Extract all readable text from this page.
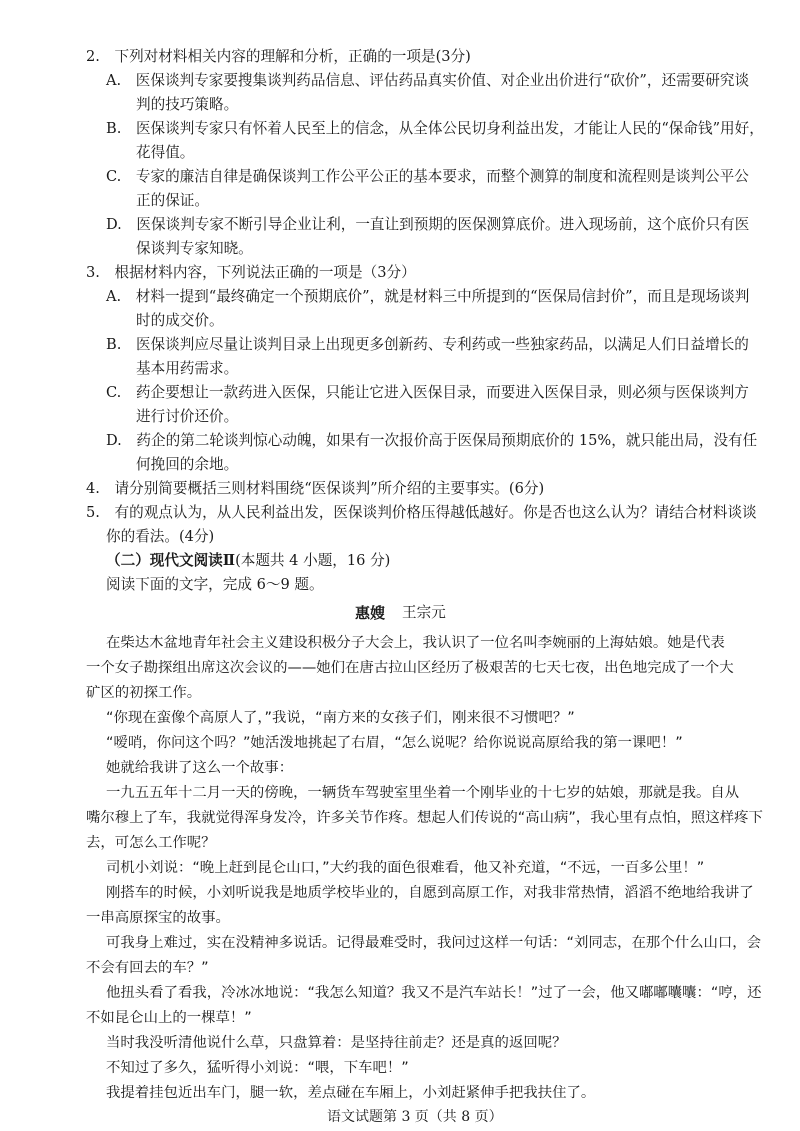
2.　下列对材料相关内容的理解和分析，正确的一项是(3分)
A.　医保谈判专家要搜集谈判药品信息、评估药品真实价值、对企业出价进行“砍价”，还需要研究谈
判的技巧策略。
B.　医保谈判专家只有怀着人民至上的信念，从全体公民切身利益出发，才能让人民的“保命钱”用好，
花得值。
C.　专家的廉洁自律是确保谈判工作公平公正的基本要求，而整个测算的制度和流程则是谈判公平公
正的保证。
D.　医保谈判专家不断引导企业让利，一直让到预期的医保测算底价。进入现场前，这个底价只有医
保谈判专家知晓。
3.　根据材料内容，下列说法正确的一项是（3分）
A.　材料一提到“最终确定一个预期底价”，就是材料三中所提到的“医保局信封价”，而且是现场谈判
时的成交价。
B.　医保谈判应尽量让谈判目录上出现更多创新药、专利药或一些独家药品，以满足人们日益增长的
基本用药需求。
C.　药企要想让一款药进入医保，只能让它进入医保目录，而要进入医保目录，则必须与医保谈判方
进行讨价还价。
D.　药企的第二轮谈判惊心动魄，如果有一次报价高于医保局预期底价的 15%，就只能出局，没有任
何挽回的余地。
4.　请分别简要概括三则材料围绕“医保谈判”所介绍的主要事实。(6分)
5.　有的观点认为，从人民利益出发，医保谈判价格压得越低越好。你是否也这么认为？请结合材料谈谈
你的看法。(4分)
（二）现代文阅读Ⅱ(本题共 4 小题，16 分)
阅读下面的文字，完成 6～9 题。
惠嫂 王宗元
在柴达木盆地青年社会主义建设积极分子大会上，我认识了一位名叫李婉丽的上海姑娘。她是代表
一个女子勘探组出席这次会议的——她们在唐古拉山区经历了极艰苦的七天七夜，出色地完成了一个大
矿区的初探工作。
“你现在蛮像个高原人了，”我说，“南方来的女孩子们，刚来很不习惯吧？”
“嗳哨，你问这个吗？”她活泼地挑起了右眉，“怎么说呢？给你说说高原给我的第一课吧！”
她就给我讲了这么一个故事：
一九五五年十二月一天的傍晚，一辆货车驾驶室里坐着一个刚毕业的十七岁的姑娘，那就是我。自从
嘴尔穆上了车，我就觉得浑身发冷，许多关节作疼。想起人们传说的“高山病”，我心里有点怕，照这样疼下
去，可怎么工作呢？
司机小刘说：“晚上赶到昆仑山口，”大约我的面色很难看，他又补充道，“不远，一百多公里！”
刚搭车的时候，小刘听说我是地质学校毕业的，自愿到高原工作，对我非常热情，滔滔不绝地给我讲了
一串高原探宝的故事。
可我身上难过，实在没精神多说话。记得最难受时，我问过这样一句话：“刘同志，在那个什么山口，会
不会有回去的车？”
他扭头看了看我，冷冰冰地说：“我怎么知道？我又不是汽车站长！”过了一会，他又嘟嘟囔囔：“哼，还
不如昆仑山上的一棵草！”
当时我没听清他说什么草，只盘算着：是坚持往前走？还是真的返回呢？
不知过了多久，猛听得小刘说：“喂，下车吧！”
我提着挂包近出车门，腿一软，差点碰在车厢上，小刘赶紧伸手把我扶住了。
语文试题第 3 页（共 8 页）
